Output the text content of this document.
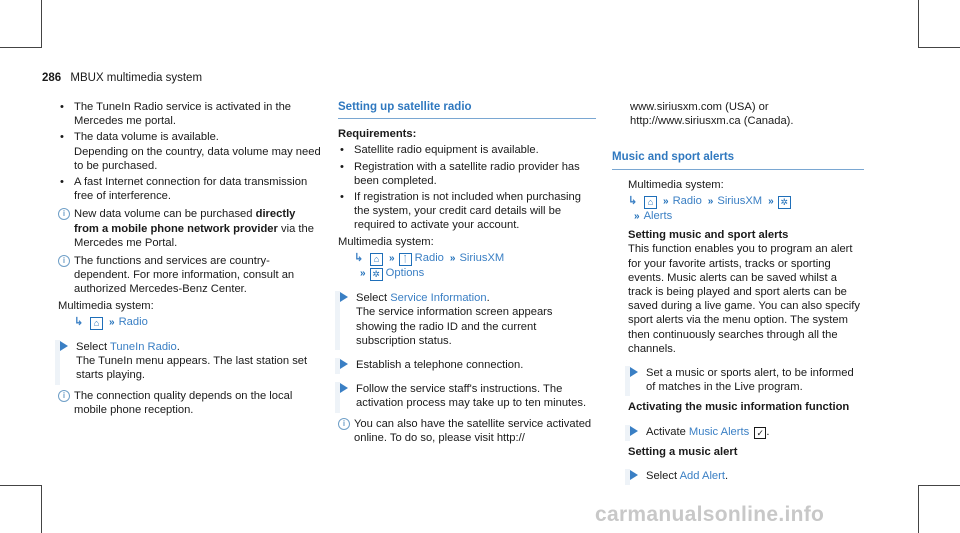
286 MBUX multimedia system
• The TuneIn Radio service is activated in the Mercedes me portal.
• The data volume is available.
Depending on the country, data volume may need to be purchased.
• A fast Internet connection for data transmission free of interference.
i New data volume can be purchased directly from a mobile phone network provider via the Mercedes me Portal.
i The functions and services are country-dependent. For more information, consult an authorized Mercedes-Benz Center.

Multimedia system:

↳ ⌂ » Radio
Select TuneIn Radio.
The TuneIn menu appears. The last station set starts playing.
i The connection quality depends on the local mobile phone reception.
Setting up satellite radio

Requirements:

• Satellite radio equipment is available.
• Registration with a satellite radio provider has been completed.
• If registration is not included when purchasing the system, your credit card details will be required to activate your account.

Multimedia system:

↳ ⌂ » ᛙ Radio » SiriusXM
» ✲ Options
Select Service Information.
The service information screen appears showing the radio ID and the current subscription status.
Establish a telephone connection.
Follow the service staff's instructions. The activation process may take up to ten minutes.
i You can also have the satellite service activated online. To do so, please visit http://

www.siriusxm.com (USA) or http://www.siriusxm.ca (Canada).

Music and sport alerts

Multimedia system:

↳ ⌂ » Radio » SiriusXM » ✲
» Alerts

Setting music and sport alerts

This function enables you to program an alert for your favorite artists, tracks or sporting events. Music alerts can be saved whilst a track is being played and sport alerts can be saved during a live game. You can also specify sport alerts via the menu option. The system then continuously searches through all the channels.

Set a music or sports alert, to be informed of matches in the Live program.

Activating the music information function

Activate Music Alerts ✓ .

Setting a music alert

Select Add Alert.
carmanualsonline.info
